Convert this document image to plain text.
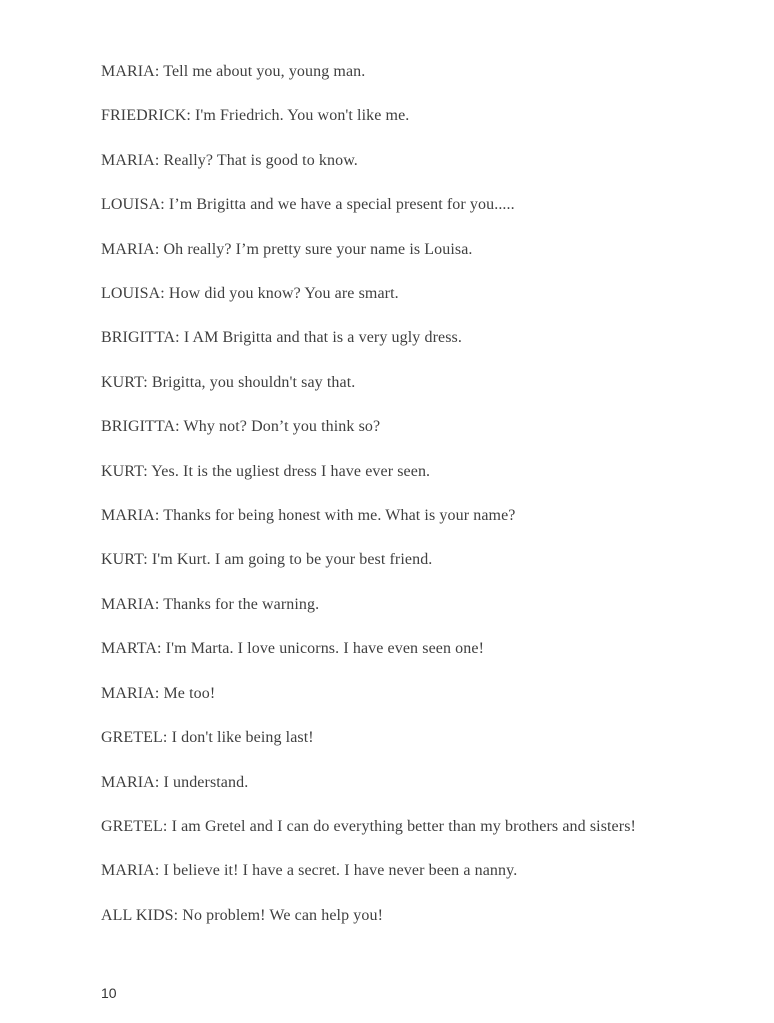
MARIA: Tell me about you, young man.

FRIEDRICK: I'm Friedrich. You won't like me.

MARIA: Really? That is good to know.

LOUISA: I’m Brigitta and we have a special present for you.....

MARIA: Oh really? I’m pretty sure your name is Louisa.

LOUISA: How did you know? You are smart.

BRIGITTA: I AM Brigitta and that is a very ugly dress.

KURT: Brigitta, you shouldn't say that.

BRIGITTA: Why not? Don’t you think so?

KURT: Yes. It is the ugliest dress I have ever seen.

MARIA: Thanks for being honest with me. What is your name?

KURT: I'm Kurt. I am going to be your best friend.

MARIA: Thanks for the warning.

MARTA: I'm Marta. I love unicorns. I have even seen one!

MARIA: Me too!

GRETEL: I don't like being last!

MARIA: I understand.

GRETEL: I am Gretel and I can do everything better than my brothers and sisters!

MARIA: I believe it! I have a secret. I have never been a nanny.

ALL KIDS: No problem! We can help you!

10
